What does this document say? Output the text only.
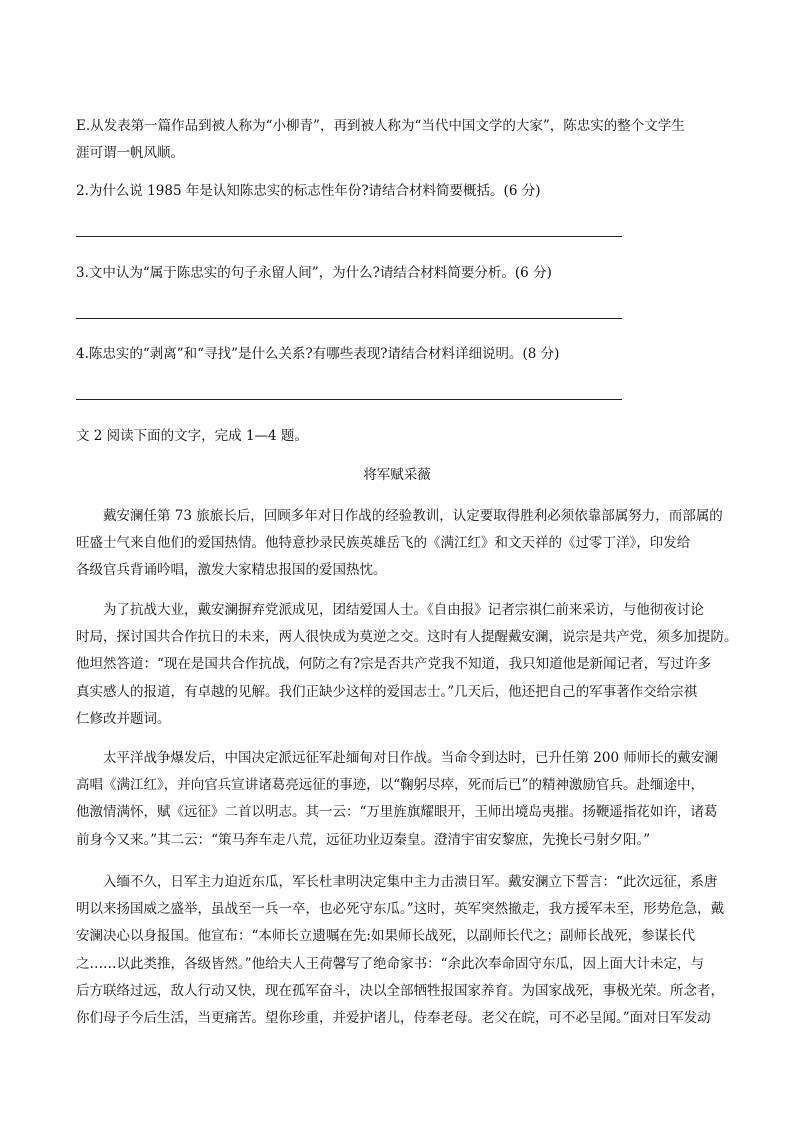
E.从发表第一篇作品到被人称为“小柳青”，再到被人称为“当代中国文学的大家”，陈忠实的整个文学生
涯可谓一帆风顺。
2.为什么说 1985 年是认知陈忠实的标志性年份?请结合材料简要概括。(6 分)
3.文中认为“属于陈忠实的句子永留人间”，为什么?请结合材料简要分析。(6 分)
4.陈忠实的“剥离”和“寻找”是什么关系?有哪些表现?请结合材料详细说明。(8 分)
文 2 阅读下面的文字，完成 1—4 题。
将军赋采薇
　　戴安澜任第 73 旅旅长后，回顾多年对日作战的经验教训，认定要取得胜利必须依靠部属努力，而部属的
旺盛士气来自他们的爱国热情。他特意抄录民族英雄岳飞的《满江红》和文天祥的《过零丁洋》，印发给
各级官兵背诵吟唱，激发大家精忠报国的爱国热忱。
　　为了抗战大业，戴安澜摒弃党派成见，团结爱国人士。《自由报》记者宗祺仁前来采访，与他彻夜讨论
时局，探讨国共合作抗日的未来，两人很快成为莫逆之交。这时有人提醒戴安澜，说宗是共产党，须多加提防。
他坦然答道：“现在是国共合作抗战，何防之有?宗是否共产党我不知道，我只知道他是新闻记者，写过许多
真实感人的报道，有卓越的见解。我们正缺少这样的爱国志士。”几天后，他还把自己的军事著作交给宗祺
仁修改并题词。
　　太平洋战争爆发后，中国决定派远征军赴缅甸对日作战。当命令到达时，已升任第 200 师师长的戴安澜
高唱《满江红》，并向官兵宣讲诸葛亮远征的事迹，以“鞠躬尽瘁，死而后已”的精神激励官兵。赴缅途中，
他激情满怀，赋《远征》二首以明志。其一云：“万里旌旗耀眼开，王师出境岛夷摧。扬鞭遥指花如许，诸葛
前身今又来。”其二云：“策马奔车走八荒，远征功业迈秦皇。澄清宇宙安黎庶，先挽长弓射夕阳。”
　　入缅不久，日军主力迫近东瓜，军长杜聿明决定集中主力击溃日军。戴安澜立下誓言：“此次远征，系唐
明以来扬国威之盛举，虽战至一兵一卒，也必死守东瓜。”这时，英军突然撤走，我方援军未至，形势危急，戴
安澜决心以身报国。他宣布：“本师长立遗嘱在先:如果师长战死，以副师长代之；副师长战死，参谋长代
之……以此类推，各级皆然。”他给夫人王荷馨写了绝命家书：“余此次奉命固守东瓜，因上面大计未定，与
后方联络过远，敌人行动又快，现在孤军奋斗，决以全部牺牲报国家养育。为国家战死，事极光荣。所念者，
你们母子今后生活，当更痛苦。望你珍重，并爱护诸儿，侍奉老母。老父在皖，可不必呈闻。”面对日军发动
